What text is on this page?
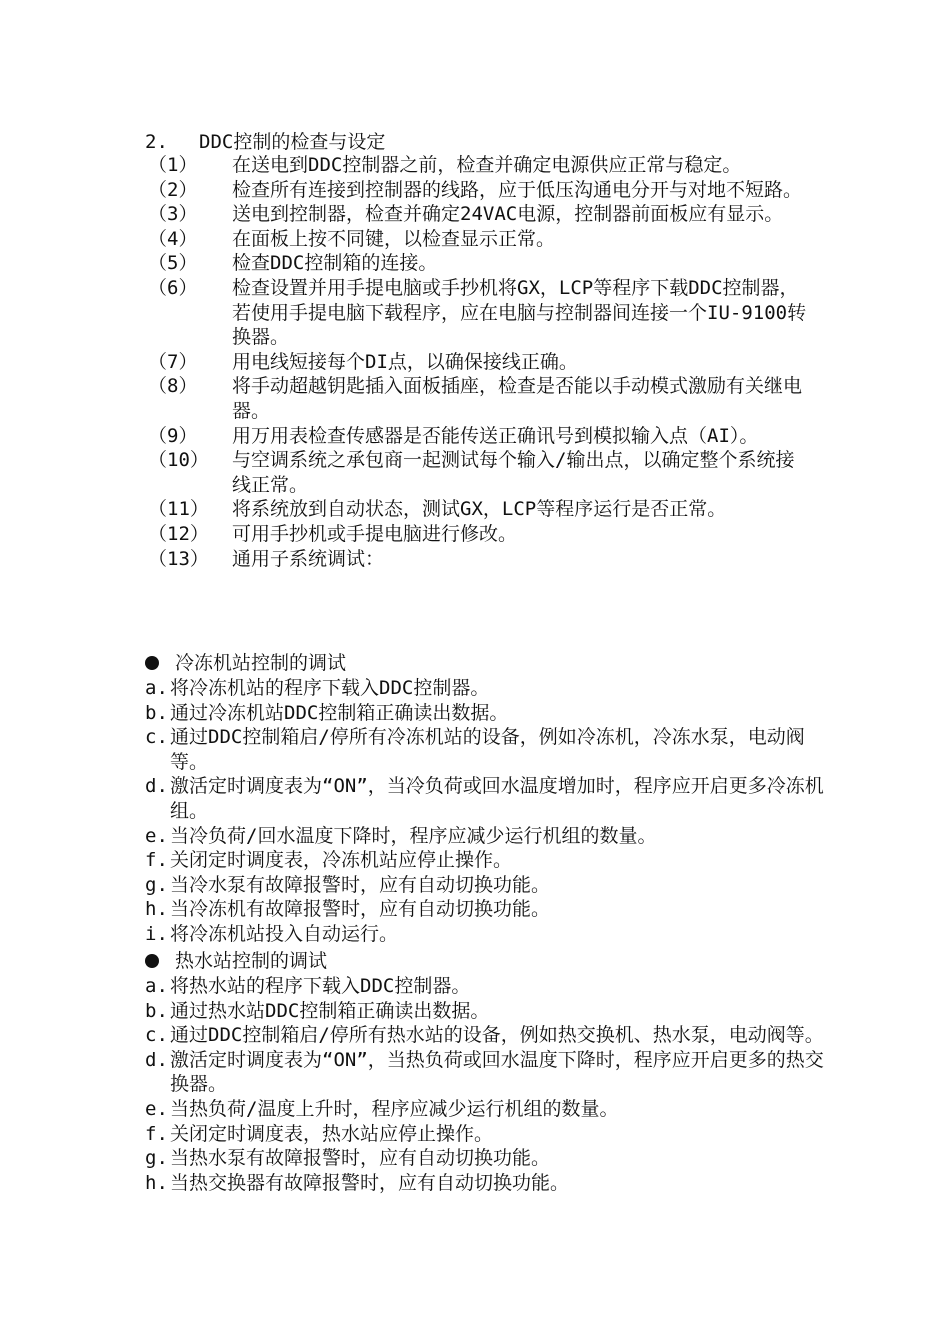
2. DDC控制的检查与设定
（1）	在送电到DDC控制器之前，检查并确定电源供应正常与稳定。
（2）	检查所有连接到控制器的线路，应于低压沟通电分开与对地不短路。
（3）	送电到控制器，检查并确定24VAC电源，控制器前面板应有显示。
（4）	在面板上按不同键，以检查显示正常。
（5）	检查DDC控制箱的连接。
（6）	检查设置并用手提电脑或手抄机将GX，LCP等程序下载DDC控制器，若使用手提电脑下载程序，应在电脑与控制器间连接一个IU-9100转换器。
（7）	用电线短接每个DI点，以确保接线正确。
（8）	将手动超越钥匙插入面板插座，检查是否能以手动模式激励有关继电器。
（9）	用万用表检查传感器是否能传送正确讯号到模拟输入点（AI）。
（10）	与空调系统之承包商一起测试每个输入/输出点，以确定整个系统接线正常。
（11）	将系统放到自动状态，测试GX，LCP等程序运行是否正常。
（12）	可用手抄机或手提电脑进行修改。
（13）	通用子系统调试：
冷冻机站控制的调试
a. 将冷冻机站的程序下载入DDC控制器。
b. 通过冷冻机站DDC控制箱正确读出数据。
c. 通过DDC控制箱启/停所有冷冻机站的设备，例如冷冻机，冷冻水泵，电动阀等。
d. 激活定时调度表为“ON”，当冷负荷或回水温度增加时，程序应开启更多冷冻机组。
e. 当冷负荷/回水温度下降时，程序应减少运行机组的数量。
f. 关闭定时调度表，冷冻机站应停止操作。
g. 当冷水泵有故障报警时，应有自动切换功能。
h. 当冷冻机有故障报警时，应有自动切换功能。
i. 将冷冻机站投入自动运行。
热水站控制的调试
a. 将热水站的程序下载入DDC控制器。
b. 通过热水站DDC控制箱正确读出数据。
c. 通过DDC控制箱启/停所有热水站的设备，例如热交换机、热水泵，电动阀等。
d. 激活定时调度表为“ON”，当热负荷或回水温度下降时，程序应开启更多的热交换器。
e. 当热负荷/温度上升时，程序应减少运行机组的数量。
f. 关闭定时调度表，热水站应停止操作。
g. 当热水泵有故障报警时，应有自动切换功能。
h. 当热交换器有故障报警时，应有自动切换功能。
